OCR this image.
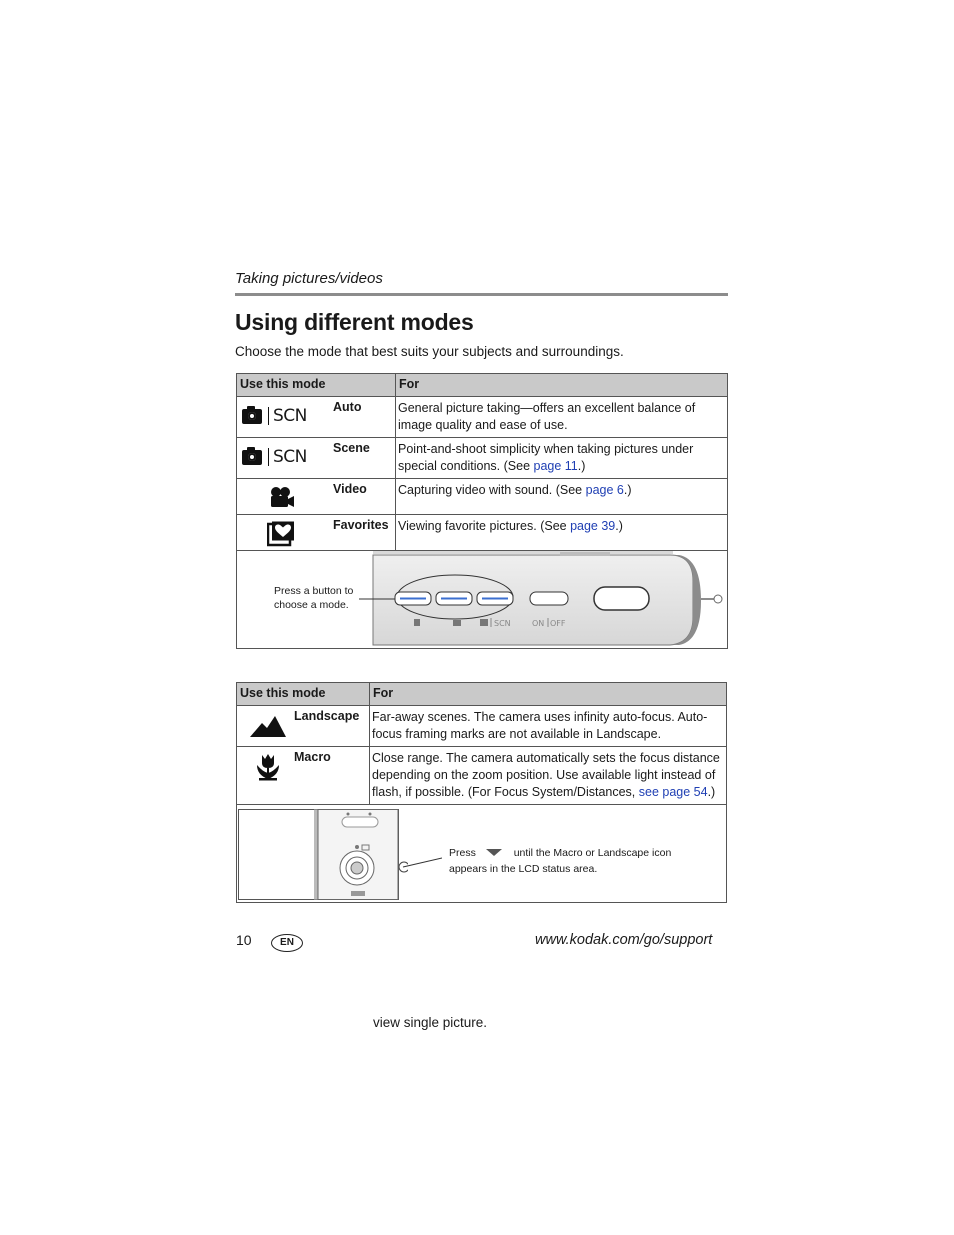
Taking pictures/videos
Using different modes
Choose the mode that best suits your subjects and surroundings.
Use this mode	For

SCN Auto	General picture taking—offers an excellent balance of image quality and ease of use.

SCN Scene	Point-and-shoot simplicity when taking pictures under special conditions. (See page 11.)

Video	Capturing video with sound. (See page 6.)

Favorites	Viewing favorite pictures. (See page 39.)

Press a button to
choose a mode.
SCN ON OFF	
Use this mode	For

Landscape	Far-away scenes. The camera uses infinity auto-focus. Auto-focus framing marks are not available in Landscape.

Macro	Close range. The camera automatically sets the focus distance depending on the zoom position. Use available light instead of flash, if possible. (For Focus System/Distances, see page 54.)

Press until the Macro or Landscape icon
appears in the LCD status area.	
10	EN	www.kodak.com/go/support
view single picture.
